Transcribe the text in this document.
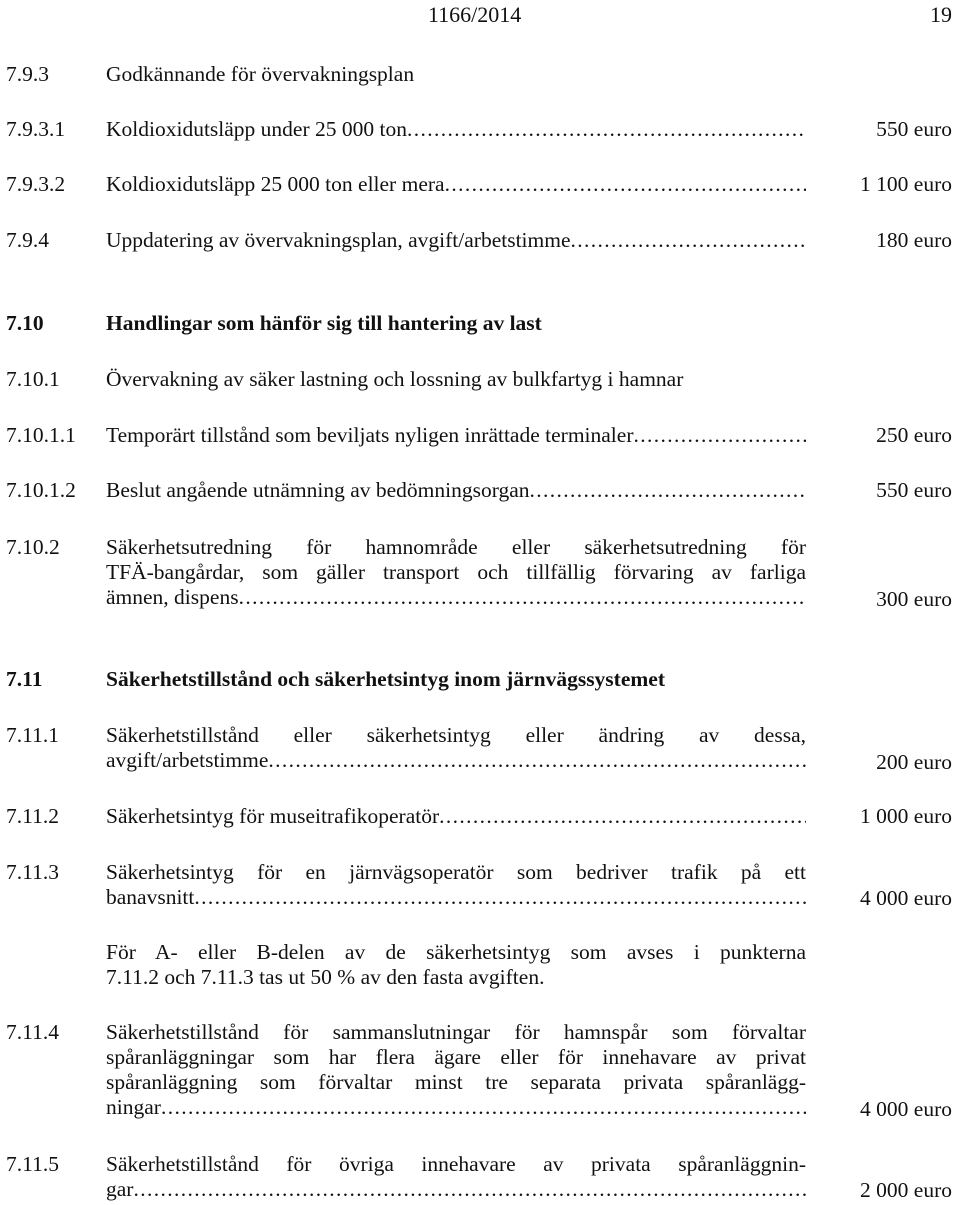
1166/2014	19
7.9.3	Godkännande för övervakningsplan
7.9.3.1 Koldioxidutsläpp under 25 000 ton . . .	550 euro
7.9.3.2 Koldioxidutsläpp 25 000 ton eller mera . . .	1 100 euro
7.9.4	Uppdatering av övervakningsplan, avgift/arbetstimme . . .	180 euro
7.10	Handlingar som hänför sig till hantering av last
7.10.1 Övervakning av säker lastning och lossning av bulkfartyg i hamnar
7.10.1.1 Temporärt tillstånd som beviljats nyligen inrättade terminaler . . .	250 euro
7.10.1.2 Beslut angående utnämning av bedömningsorgan . . .	550 euro
7.10.2 Säkerhetsutredning för hamnområde eller säkerhetsutredning för
TFÄ-bangårdar, som gäller transport och tillfällig förvaring av farliga
ämnen, dispens . . .	300 euro
7.11	Säkerhetstillstånd och säkerhetsintyg inom järnvägssystemet
7.11.1 Säkerhetstillstånd eller säkerhetsintyg eller ändring av dessa,
avgift/arbetstimme . . .	200 euro
7.11.2 Säkerhetsintyg för museitrafikoperatör . . .	1 000 euro
7.11.3 Säkerhetsintyg för en järnvägsoperatör som bedriver trafik på ett
banavsnitt . . .	4 000 euro
För A- eller B-delen av de säkerhetsintyg som avses i punkterna
7.11.2 och 7.11.3 tas ut 50 % av den fasta avgiften.
7.11.4 Säkerhetstillstånd för sammanslutningar för hamnspår som förvaltar
spåranläggningar som har flera ägare eller för innehavare av privat
spåranläggning som förvaltar minst tre separata privata spåranlägg-
ningar . . .	4 000 euro
7.11.5 Säkerhetstillstånd för övriga innehavare av privata spåranläggnin-
gar . . .	2 000 euro
